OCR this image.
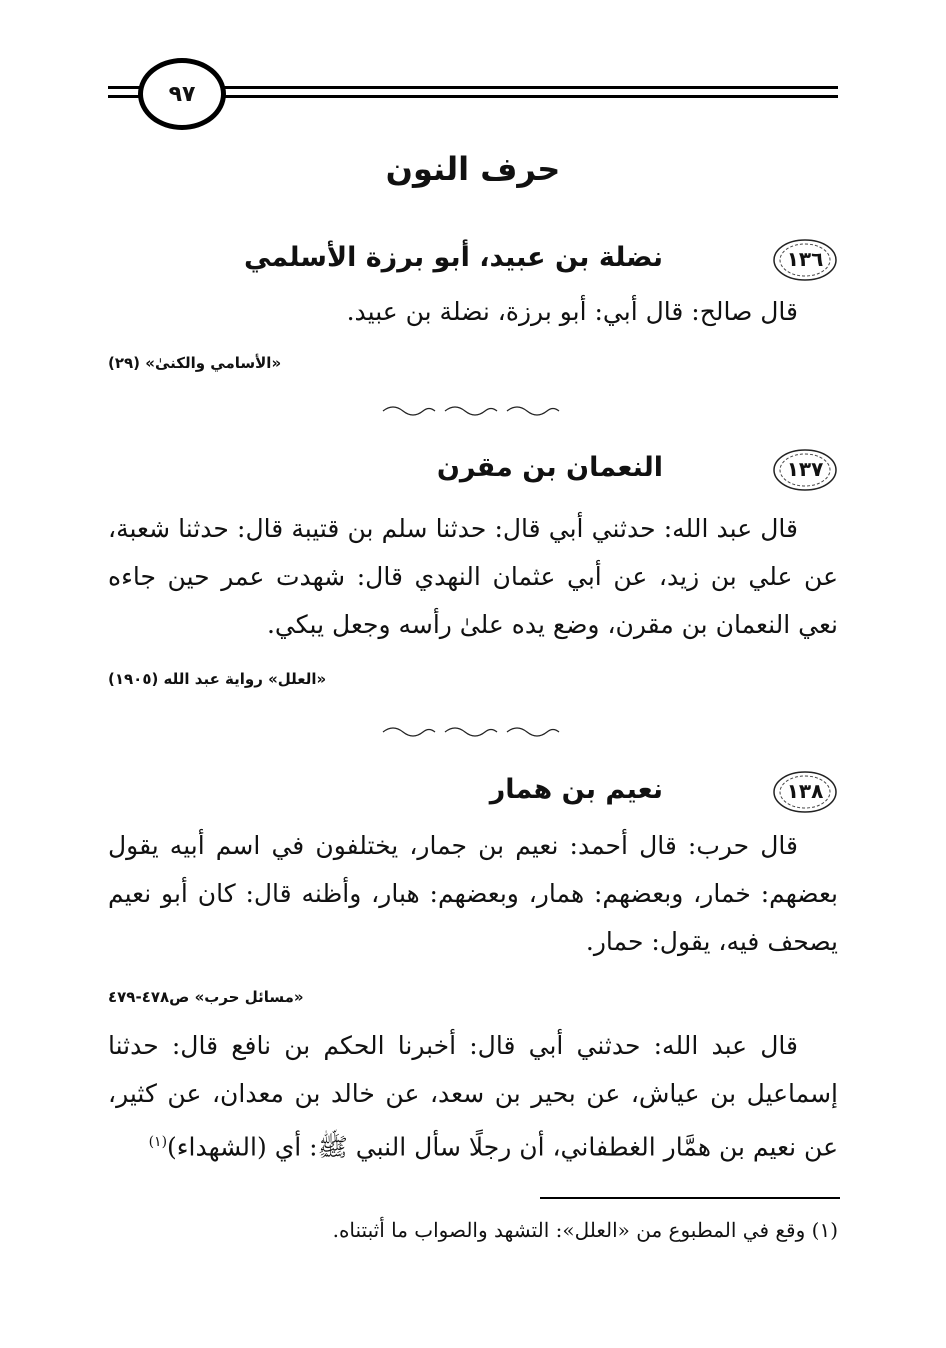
٩٧
حرف النون
١٣٦
نضلة بن عبيد، أبو برزة الأسلمي
قال صالح: قال أبي: أبو برزة، نضلة بن عبيد.
«الأسامي والكنىٰ» (٢٩)
١٣٧
النعمان بن مقرن
قال عبد الله: حدثني أبي قال: حدثنا سلم بن قتيبة قال: حدثنا شعبة، عن علي بن زيد، عن أبي عثمان النهدي قال: شهدت عمر حين جاءه نعي النعمان بن مقرن، وضع يده علىٰ رأسه وجعل يبكي.
«العلل» رواية عبد الله (١٩٠٥)
١٣٨
نعيم بن همار
قال حرب: قال أحمد: نعيم بن جمار، يختلفون في اسم أبيه يقول بعضهم: خمار، وبعضهم: همار، وبعضهم: هبار، وأظنه قال: كان أبو نعيم يصحف فيه، يقول: حمار.
«مسائل حرب» ص٤٧٨-٤٧٩
قال عبد الله: حدثني أبي قال: أخبرنا الحكم بن نافع قال: حدثنا إسماعيل بن عياش، عن بحير بن سعد، عن خالد بن معدان، عن كثير، عن نعيم بن همَّار الغطفاني، أن رجلًا سأل النبي ﷺ: أي (الشهداء)$^{(١)}$
(١) وقع في المطبوع من «العلل»: التشهد والصواب ما أثبتناه.
